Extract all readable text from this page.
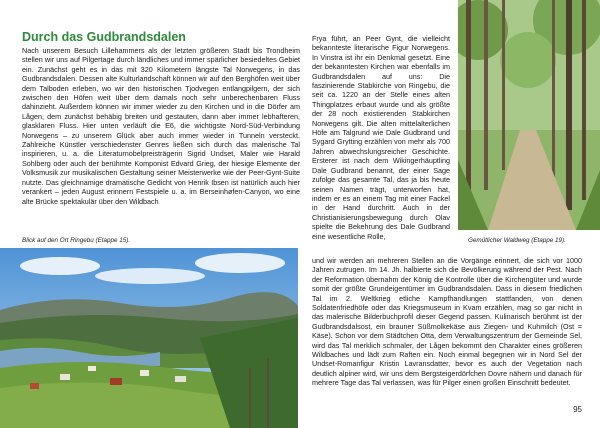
Durch das Gudbrandsdalen

Nach unserem Besuch Lillehammers als der letzten größeren Stadt bis Trondheim stellen wir uns auf Pilgertage durch ländliches und immer spärlicher besiedeltes Gebiet ein. Zunächst geht es in das mit 320 Kilometern längste Tal Norwegens, in das Gudbrandsdalen. Dessen alte Kulturlandschaft können wir auf den Berghöfen weit über dem Talboden erleben, wo wir den historischen Tjodvegen entlangpilgern, der sich zwischen den Höfen weit über dem damals noch sehr unberechenbaren Fluss dahinzieht. Außerdem können wir immer wieder zu den Kirchen und in die Dörfer am Lågen, dem zunächst behäbig breiten und gestauten, dann aber immer lebhafteren, glasklaren Fluss. Hier unten verläuft die E6, die wichtigste Nord-Süd-Verbindung Norwegens – zu unserem Glück aber auch immer wieder in Tunneln versteckt. Zahlreiche Künstler verschiedenster Genres ließen sich durch das malerische Tal inspirieren, u. a. die Literaturnobelpreisträgerin Sigrid Undset, Maler wie Harald Sohlberg oder auch der berühmte Komponist Edvard Grieg, der hiesige Elemente der Volksmusik zur musikalischen Gestaltung seiner Meisterwerke wie der Peer-Gynt-Suite nutzte. Das gleichnamige dramatische Gedicht von Henrik Ibsen ist natürlich auch hier verankert – jeden August erinnern Festspiele u. a. im Berseinhøfen-Canyon, wo eine alte Brücke spektakulär über den Wildbach

Blick auf den Ort Ringebu (Etappe 15).

Frya führt, an Peer Gynt, die vielleicht bekannteste literarische Figur Norwegens. In Vinstra ist ihr ein Denkmal gesetzt. Eine der bekanntesten Kirchen war ebenfalls im Gudbrandsdalen auf uns: Die faszinierende Stabkirche von Ringebu, die seit ca. 1220 an der Stelle eines alten Thingplatzes erbaut wurde und als größte der 28 noch existierenden Stabkirchen Norwegens gilt. Die alten mittelalterlichen Höfe am Talgrund wie Dale Gudbrand und Sygard Grytting erzählen von mehr als 700 Jahren abwechslungsreicher Geschichte. Ersterer ist nach dem Wikingerhäuptling Dale Gudbrand benannt, der einer Sage zufolge das gesamte Tal, das ja bis heute seinen Namen trägt, unterworfen hat, indem er es an einem Tag mit einer Fackel in der Hand durchritt. Auch in der Christianisierungsbewegung durch Olav spielte die Bekehrung des Dale Gudbrand eine wesentliche Rolle,	Gemütlicher Waldweg (Etappe 19).

und wir werden an mehreren Stellen an die Vorgänge erinnert, die sich vor 1000 Jahren zutrugen. Im 14. Jh. halbierte sich die Bevölkerung während der Pest. Nach der Reformation übernahm der König die Kontrolle über die Kirchengüter und wurde somit der größte Grundeigentümer im Gudbrandsdalen. Dass in diesem friedlichen Tal im 2. Weltkrieg etliche Kampfhandlungen stattfanden, von denen Soldatenfriedhöfe oder das Kriegsmuseum in Kvam erzählen, mag so gar nicht in das malerische Bilderbuchprofil dieser Gegend passen. Kulinarisch berühmt ist der Gudbrandsdalsost, ein brauner Süßmolkekäse aus Ziegen- und Kuhmilch (Ost = Käse). Schon vor dem Städtchen Otta, dem Verwaltungszentrum der Gemeinde Sel, wird das Tal merklich schmaler, der Lågen bekommt den Charakter eines größeren Wildbaches und lädt zum Raften ein. Noch einmal begegnen wir in Nord Sel der Undset-Romanfigur Kristin Lavransdatter, bevor es auch der Vegetation nach deutlich alpiner wird, wir uns dem Bergsteigerdörfchen Dovre nähern und danach für mehrere Tage das Tal verlassen, was für Pilger einen großen Einschnitt bedeutet.

95
